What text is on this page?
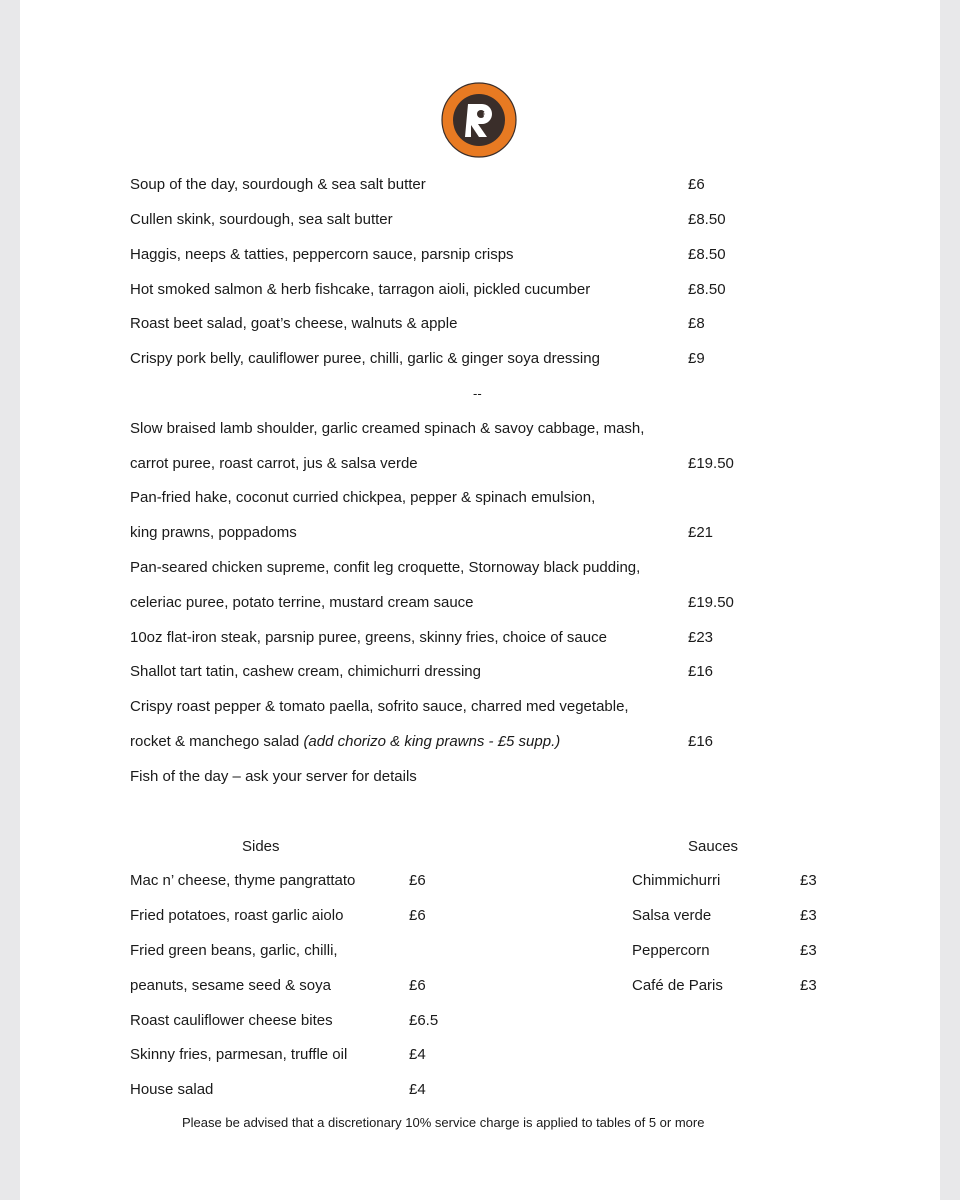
R
Soup of the day, sourdough & sea salt butter	£6
Cullen skink, sourdough, sea salt butter	£8.50
Haggis, neeps & tatties, peppercorn sauce, parsnip crisps	£8.50
Hot smoked salmon & herb fishcake, tarragon aioli, pickled cucumber	£8.50
Roast beet salad, goat’s cheese, walnuts & apple	£8
Crispy pork belly, cauliflower puree, chilli, garlic & ginger soya dressing	£9
--
Slow braised lamb shoulder, garlic creamed spinach & savoy cabbage, mash,
carrot puree, roast carrot, jus & salsa verde	£19.50
Pan-fried hake, coconut curried chickpea, pepper & spinach emulsion,
king prawns, poppadoms	£21
Pan-seared chicken supreme, confit leg croquette, Stornoway black pudding,
celeriac puree, potato terrine, mustard cream sauce	£19.50
10oz flat-iron steak, parsnip puree, greens, skinny fries, choice of sauce	£23
Shallot tart tatin, cashew cream, chimichurri dressing	£16
Crispy roast pepper & tomato paella, sofrito sauce, charred med vegetable,
rocket & manchego salad (add chorizo & king prawns - £5 supp.)	£16
Fish of the day – ask your server for details
Sides
Mac n’ cheese, thyme pangrattato	£6
Fried potatoes, roast garlic aiolo	£6
Fried green beans, garlic, chilli,
peanuts, sesame seed & soya	£6
Roast cauliflower cheese bites	£6.5
Skinny fries, parmesan, truffle oil	£4
House salad	£4
Sauces
Chimmichurri	£3
Salsa verde	£3
Peppercorn	£3
Café de Paris	£3
Please be advised that a discretionary 10% service charge is applied to tables of 5 or more
